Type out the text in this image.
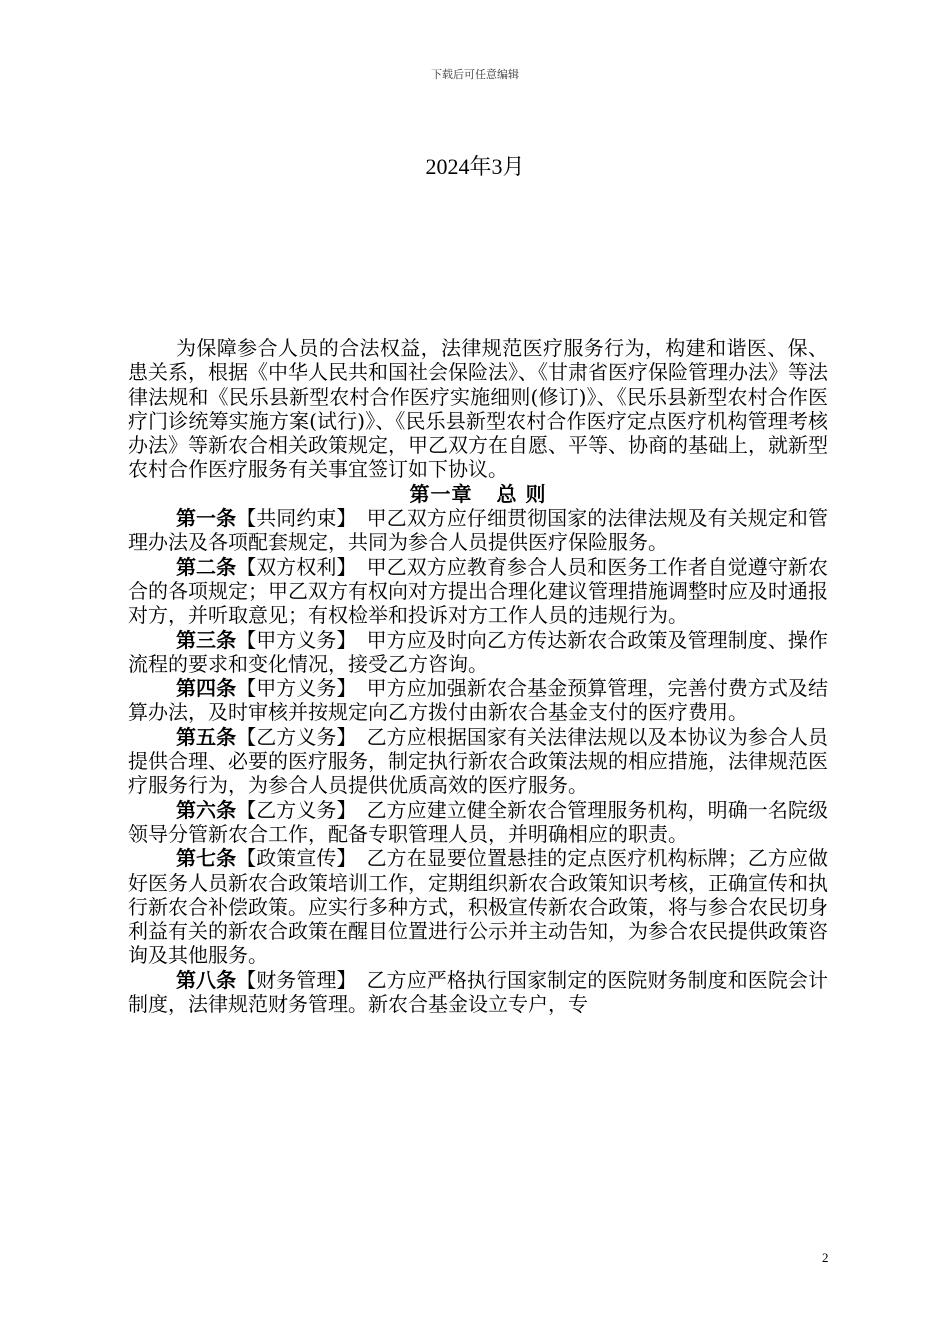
下载后可任意编辑
2024年3月

为保障参合人员的合法权益，法律规范医疗服务行为，构建和谐医、保、患关系，根据《中华人民共和国社会保险法》、《甘肃省医疗保险管理办法》等法律法规和《民乐县新型农村合作医疗实施细则(修订)》、《民乐县新型农村合作医疗门诊统筹实施方案(试行)》、《民乐县新型农村合作医疗定点医疗机构管理考核办法》等新农合相关政策规定，甲乙双方在自愿、平等、协商的基础上，就新型农村合作医疗服务有关事宜签订如下协议。

第一章 总 则

第一条【共同约束】　 甲乙双方应仔细贯彻国家的法律法规及有关规定和管理办法及各项配套规定，共同为参合人员提供医疗保险服务。

第二条【双方权利】　 甲乙双方应教育参合人员和医务工作者自觉遵守新农合的各项规定；甲乙双方有权向对方提出合理化建议管理措施调整时应及时通报对方，并听取意见；有权检举和投诉对方工作人员的违规行为。

第三条【甲方义务】　 甲方应及时向乙方传达新农合政策及管理制度、操作流程的要求和变化情况，接受乙方咨询。

第四条【甲方义务】　 甲方应加强新农合基金预算管理，完善付费方式及结算办法，及时审核并按规定向乙方拨付由新农合基金支付的医疗费用。

第五条【乙方义务】　 乙方应根据国家有关法律法规以及本协议为参合人员提供合理、必要的医疗服务，制定执行新农合政策法规的相应措施，法律规范医疗服务行为，为参合人员提供优质高效的医疗服务。

第六条【乙方义务】　 乙方应建立健全新农合管理服务机构，明确一名院级领导分管新农合工作，配备专职管理人员，并明确相应的职责。

第七条【政策宣传】　 乙方在显要位置悬挂的定点医疗机构标牌；乙方应做好医务人员新农合政策培训工作，定期组织新农合政策知识考核，正确宣传和执行新农合补偿政策。应实行多种方式，积极宣传新农合政策，将与参合农民切身利益有关的新农合政策在醒目位置进行公示并主动告知，为参合农民提供政策咨询及其他服务。

第八条【财务管理】　 乙方应严格执行国家制定的医院财务制度和医院会计制度，法律规范财务管理。新农合基金设立专户，专

2
